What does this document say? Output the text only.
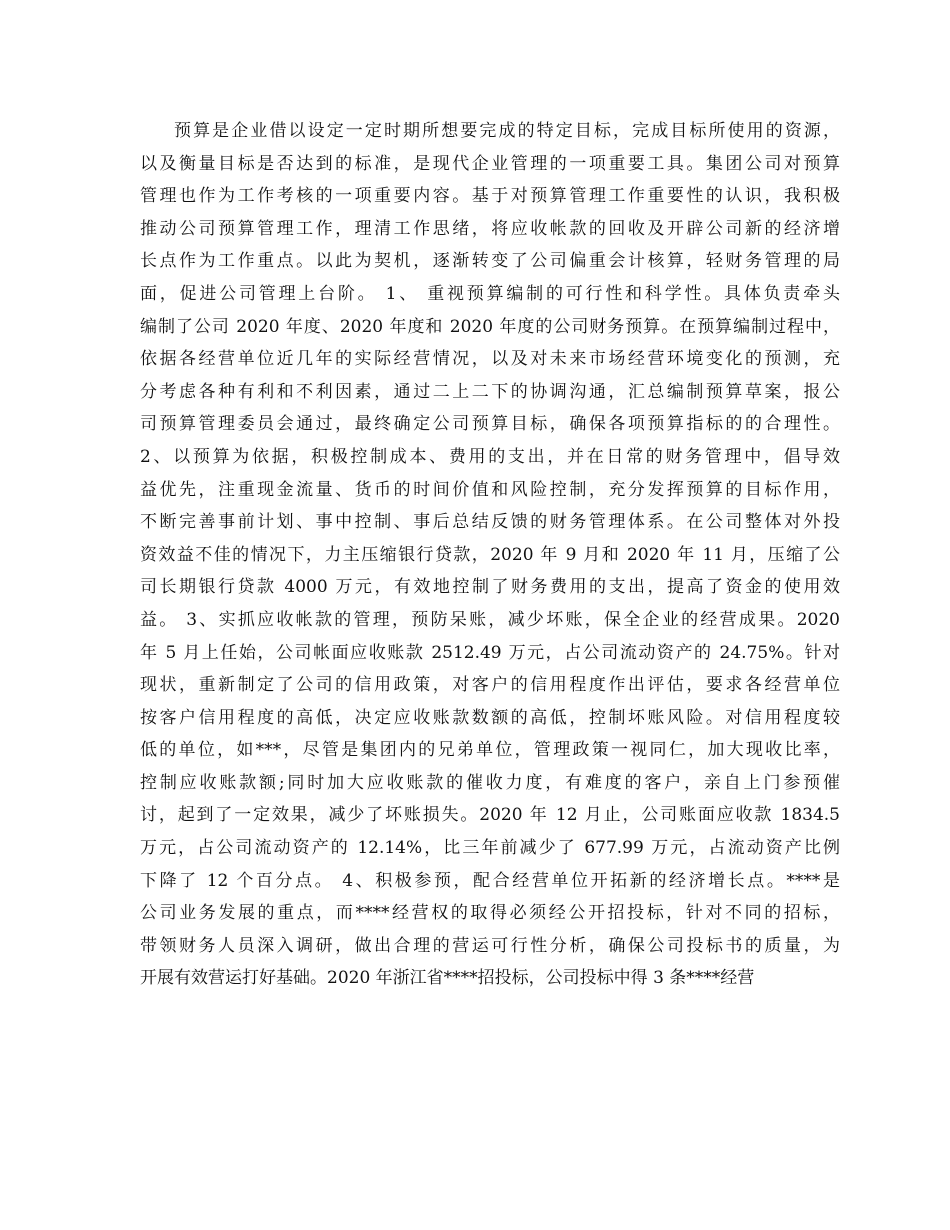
预算是企业借以设定一定时期所想要完成的特定目标，完成目标所使用的资源，
以及衡量目标是否达到的标准，是现代企业管理的一项重要工具。集团公司对预算
管理也作为工作考核的一项重要内容。基于对预算管理工作重要性的认识，我积极
推动公司预算管理工作，理清工作思绪，将应收帐款的回收及开辟公司新的经济增
长点作为工作重点。以此为契机，逐渐转变了公司偏重会计核算，轻财务管理的局
面，促进公司管理上台阶。 1、 重视预算编制的可行性和科学性。具体负责牵头
编制了公司 2020 年度、2020 年度和 2020 年度的公司财务预算。在预算编制过程中，
依据各经营单位近几年的实际经营情况，以及对未来市场经营环境变化的预测，充
分考虑各种有利和不利因素，通过二上二下的协调沟通，汇总编制预算草案，报公
司预算管理委员会通过，最终确定公司预算目标，确保各项预算指标的的合理性。
2、以预算为依据，积极控制成本、费用的支出，并在日常的财务管理中，倡导效
益优先，注重现金流量、货币的时间价值和风险控制，充分发挥预算的目标作用，
不断完善事前计划、事中控制、事后总结反馈的财务管理体系。在公司整体对外投
资效益不佳的情况下，力主压缩银行贷款，2020 年 9 月和 2020 年 11 月，压缩了公
司长期银行贷款 4000 万元，有效地控制了财务费用的支出，提高了资金的使用效
益。 3、实抓应收帐款的管理，预防呆账，减少坏账，保全企业的经营成果。2020
年 5 月上任始，公司帐面应收账款 2512.49 万元，占公司流动资产的 24.75%。针对
现状，重新制定了公司的信用政策，对客户的信用程度作出评估，要求各经营单位
按客户信用程度的高低，决定应收账款数额的高低，控制坏账风险。对信用程度较
低的单位，如***，尽管是集团内的兄弟单位，管理政策一视同仁，加大现收比率，
控制应收账款额;同时加大应收账款的催收力度，有难度的客户，亲自上门参预催
讨，起到了一定效果，减少了坏账损失。2020 年 12 月止，公司账面应收款 1834.5
万元，占公司流动资产的 12.14%，比三年前减少了 677.99 万元，占流动资产比例
下降了 12 个百分点。 4、积极参预，配合经营单位开拓新的经济增长点。****是
公司业务发展的重点，而****经营权的取得必须经公开招投标，针对不同的招标，
带领财务人员深入调研，做出合理的营运可行性分析，确保公司投标书的质量，为
开展有效营运打好基础。2020 年浙江省****招投标，公司投标中得 3 条****经营
